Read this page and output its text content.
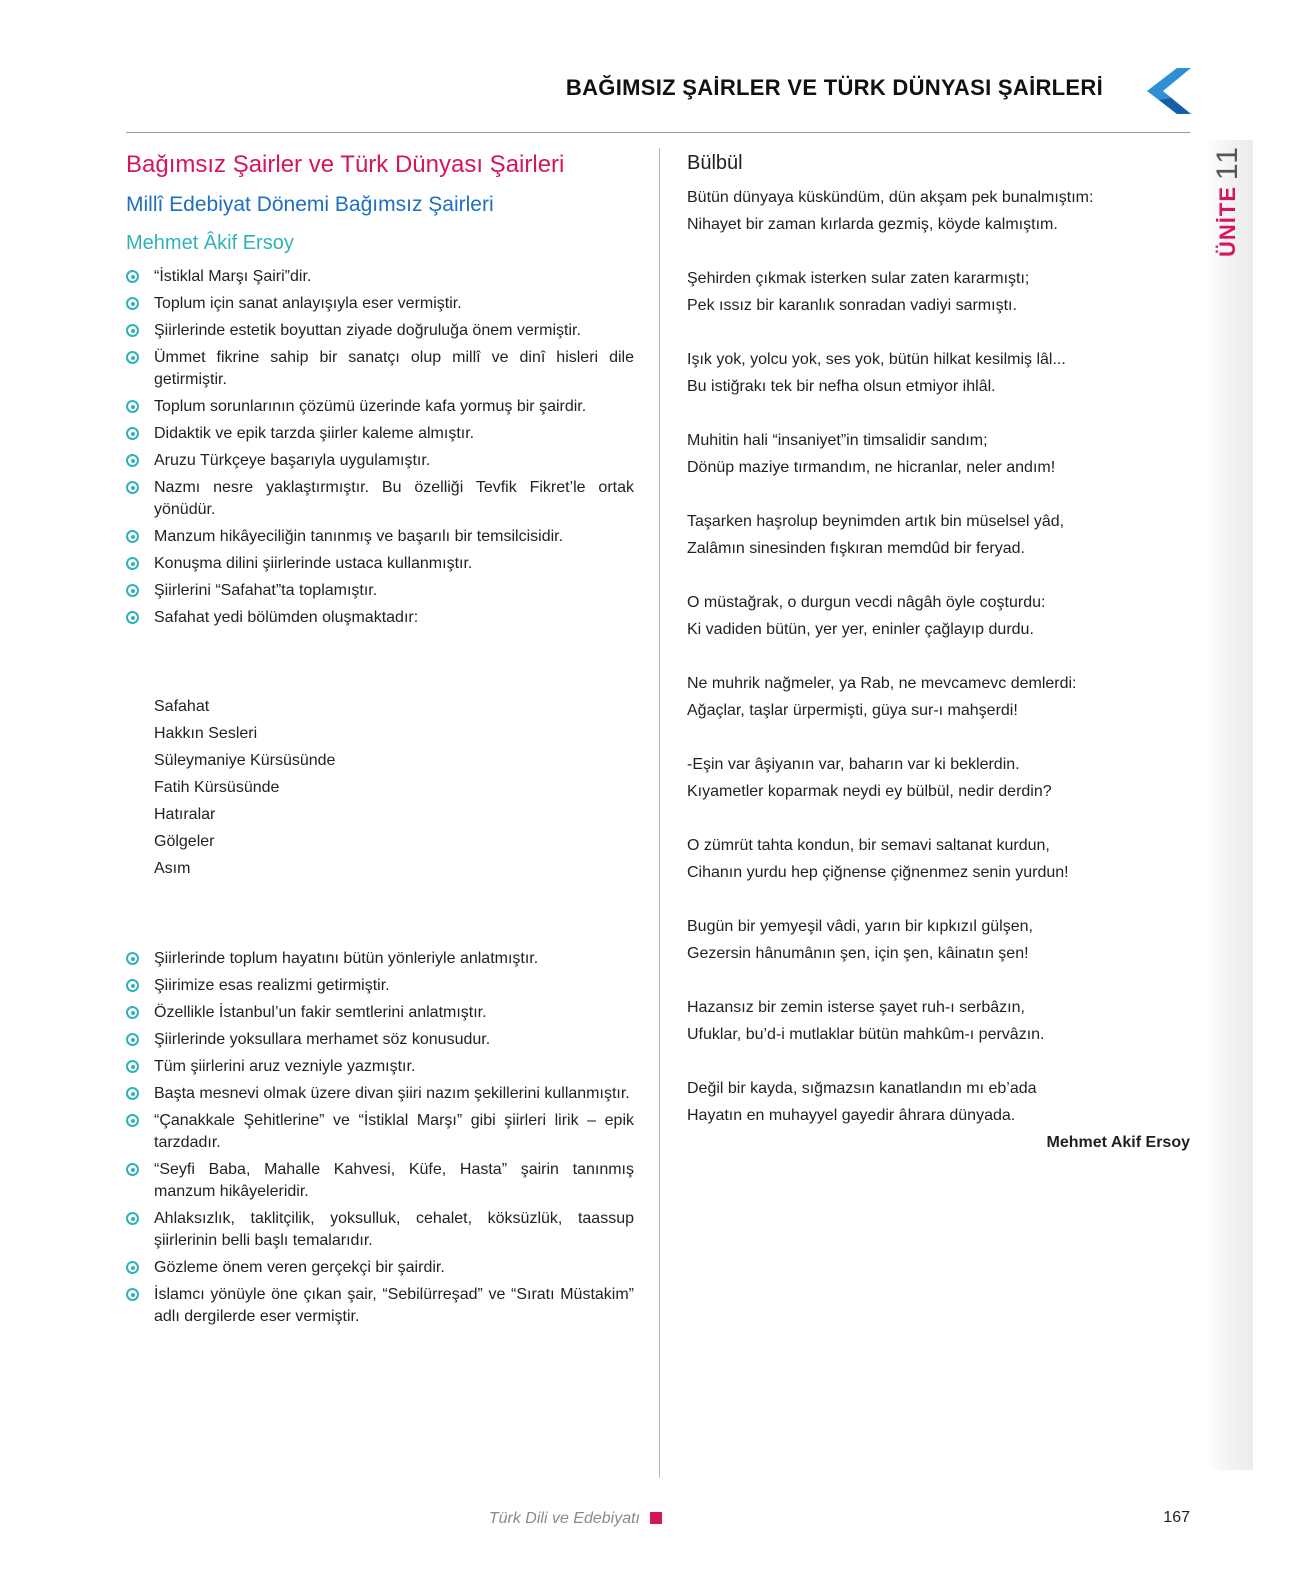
BAĞIMSIZ ŞAİRLER VE TÜRK DÜNYASI ŞAİRLERİ
11
ÜNİTE
Bağımsız Şairler ve Türk Dünyası Şairleri
Millî Edebiyat Dönemi Bağımsız Şairleri
Mehmet Âkif Ersoy
“İstiklal Marşı Şairi”dir.
Toplum için sanat anlayışıyla eser vermiştir.
Şiirlerinde estetik boyuttan ziyade doğruluğa önem vermiştir.
Ümmet fikrine sahip bir sanatçı olup millî ve dinî hisleri dile getirmiştir.
Toplum sorunlarının çözümü üzerinde kafa yormuş bir şairdir.
Didaktik ve epik tarzda şiirler kaleme almıştır.
Aruzu Türkçeye başarıyla uygulamıştır.
Nazmı nesre yaklaştırmıştır. Bu özelliği Tevfik Fikret’le ortak yönüdür.
Manzum hikâyeciliğin tanınmış ve başarılı bir temsilcisidir.
Konuşma dilini şiirlerinde ustaca kullanmıştır.
Şiirlerini “Safahat”ta toplamıştır.
Safahat yedi bölümden oluşmaktadır:
Safahat
Hakkın Sesleri
Süleymaniye Kürsüsünde
Fatih Kürsüsünde
Hatıralar
Gölgeler
Asım
Şiirlerinde toplum hayatını bütün yönleriyle anlatmıştır.
Şiirimize esas realizmi getirmiştir.
Özellikle İstanbul’un fakir semtlerini anlatmıştır.
Şiirlerinde yoksullara merhamet söz konusudur.
Tüm şiirlerini aruz vezniyle yazmıştır.
Başta mesnevi olmak üzere divan şiiri nazım şekillerini kullanmıştır.
“Çanakkale Şehitlerine” ve “İstiklal Marşı” gibi şiirleri lirik – epik tarzdadır.
“Seyfi Baba, Mahalle Kahvesi, Küfe, Hasta” şairin tanınmış manzum hikâyeleridir.
Ahlaksızlık, taklitçilik, yoksulluk, cehalet, köksüzlük, taassup şiirlerinin belli başlı temalarıdır.
Gözleme önem veren gerçekçi bir şairdir.
İslamcı yönüyle öne çıkan şair, “Sebilürreşad” ve “Sıratı Müstakim” adlı dergilerde eser vermiştir.
Bülbül
Bütün dünyaya küskündüm, dün akşam pek bunalmıştım:
Nihayet bir zaman kırlarda gezmiş, köyde kalmıştım.
Şehirden çıkmak isterken sular zaten kararmıştı;
Pek ıssız bir karanlık sonradan vadiyi sarmıştı.
Işık yok, yolcu yok, ses yok, bütün hilkat kesilmiş lâl...
Bu istiğrakı tek bir nefha olsun etmiyor ihlâl.
Muhitin hali “insaniyet”in timsalidir sandım;
Dönüp maziye tırmandım, ne hicranlar, neler andım!
Taşarken haşrolup beynimden artık bin müselsel yâd,
Zalâmın sinesinden fışkıran memdûd bir feryad.
O müstağrak, o durgun vecdi nâgâh öyle coşturdu:
Ki vadiden bütün, yer yer, eninler çağlayıp durdu.
Ne muhrik nağmeler, ya Rab, ne mevcamevc demlerdi:
Ağaçlar, taşlar ürpermişti, güya sur-ı mahşerdi!
-Eşin var âşiyanın var, baharın var ki beklerdin.
Kıyametler koparmak neydi ey bülbül, nedir derdin?
O zümrüt tahta kondun, bir semavi saltanat kurdun,
Cihanın yurdu hep çiğnense çiğnenmez senin yurdun!
Bugün bir yemyeşil vâdi, yarın bir kıpkızıl gülşen,
Gezersin hânumânın şen, için şen, kâinatın şen!
Hazansız bir zemin isterse şayet ruh-ı serbâzın,
Ufuklar, bu’d-i mutlaklar bütün mahkûm-ı pervâzın.
Değil bir kayda, sığmazsın kanatlandın mı eb’ada
Hayatın en muhayyel gayedir âhrara dünyada.
Mehmet Akif Ersoy
Türk Dili ve Edebiyatı	167
